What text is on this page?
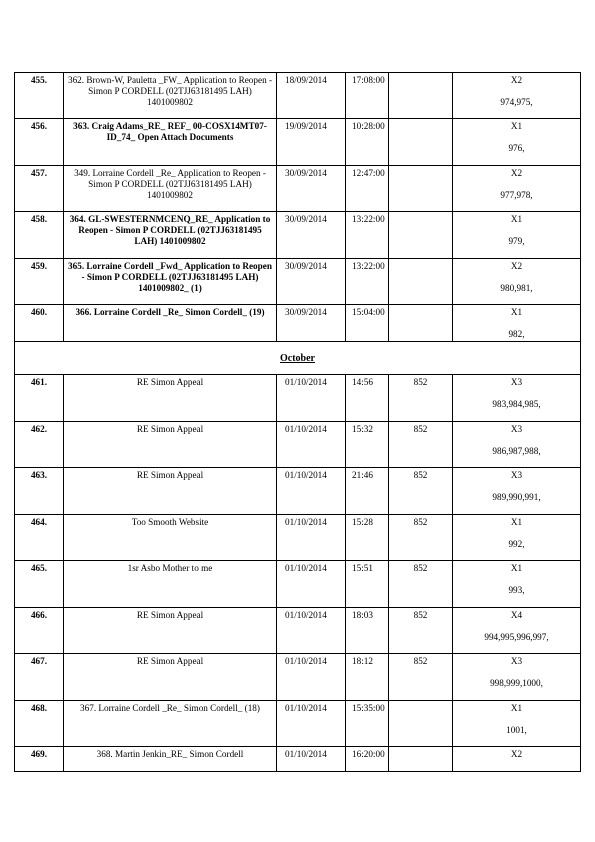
455.	362. Brown-W, Pauletta _FW_ Application to Reopen - Simon P CORDELL (02TJJ63181495 LAH) 1401009802	18/09/2014	17:08:00		X2
974,975,

456.	363. Craig Adams_RE_ REF_ 00-COSX14MT07-ID_74_ Open Attach Documents	19/09/2014	10:28:00		X1
976,

457.	349. Lorraine Cordell _Re_ Application to Reopen - Simon P CORDELL (02TJJ63181495 LAH) 1401009802	30/09/2014	12:47:00		X2
977,978,

458.	364. GL-SWESTERNMCENQ_RE_ Application to Reopen - Simon P CORDELL (02TJJ63181495 LAH) 1401009802	30/09/2014	13:22:00		X1
979,

459.	365. Lorraine Cordell _Fwd_ Application to Reopen - Simon P CORDELL (02TJJ63181495 LAH) 1401009802_ (1)	30/09/2014	13:22:00		X2
980,981,

460.	366. Lorraine Cordell _Re_ Simon Cordell_ (19)	30/09/2014	15:04:00		X1
982,

October					
461.	RE Simon Appeal	01/10/2014	14:56	852	X3
983,984,985,

462.	RE Simon Appeal	01/10/2014	15:32	852	X3
986,987,988,

463.	RE Simon Appeal	01/10/2014	21:46	852	X3
989,990,991,

464.	Too Smooth Website	01/10/2014	15:28	852	X1
992,

465.	1sr Asbo Mother to me	01/10/2014	15:51	852	X1
993,

466.	RE Simon Appeal	01/10/2014	18:03	852	X4
994,995,996,997,

467.	RE Simon Appeal	01/10/2014	18:12	852	X3
998,999,1000,

468.	367. Lorraine Cordell _Re_ Simon Cordell_ (18)	01/10/2014	15:35:00		X1
1001,

469.	368. Martin Jenkin_RE_ Simon Cordell	01/10/2014	16:20:00		X2
